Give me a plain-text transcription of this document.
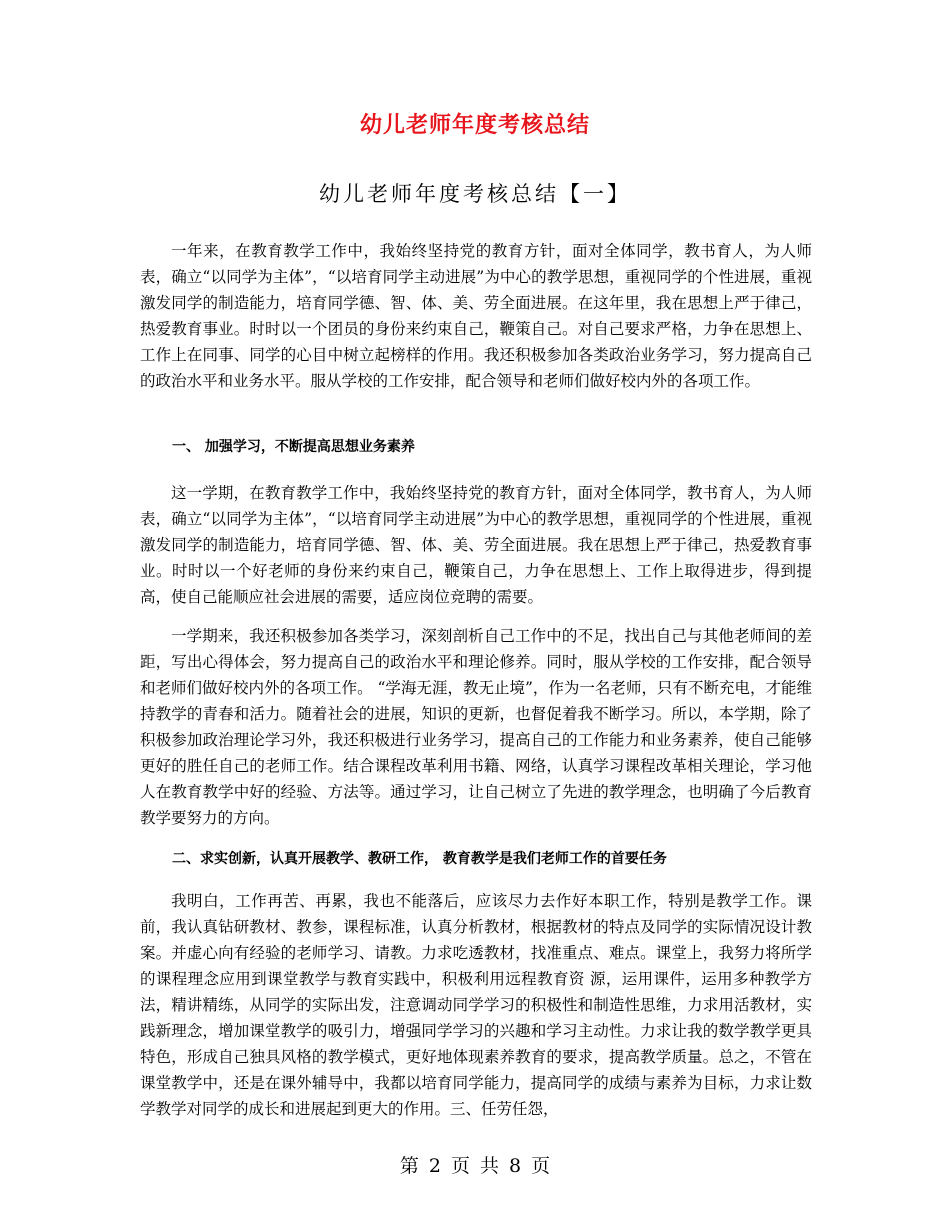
幼儿老师年度考核总结
幼儿老师年度考核总结【一】

一年来，在教育教学工作中，我始终坚持党的教育方针，面对全体同学，教书育人，为人师表，确立“以同学为主体”，“以培育同学主动进展”为中心的教学思想，重视同学的个性进展，重视激发同学的制造能力，培育同学德、智、体、美、劳全面进展。在这年里，我在思想上严于律己，热爱教育事业。时时以一个团员的身份来约束自己，鞭策自己。对自己要求严格，力争在思想上、工作上在同事、同学的心目中树立起榜样的作用。我还积极参加各类政治业务学习，努力提高自己的政治水平和业务水平。服从学校的工作安排，配合领导和老师们做好校内外的各项工作。

一、 加强学习，不断提高思想业务素养

这一学期，在教育教学工作中，我始终坚持党的教育方针，面对全体同学，教书育人，为人师表，确立“以同学为主体”，“以培育同学主动进展”为中心的教学思想，重视同学的个性进展，重视激发同学的制造能力，培育同学德、智、体、美、劳全面进展。我在思想上严于律己，热爱教育事业。时时以一个好老师的身份来约束自己，鞭策自己，力争在思想上、工作上取得进步，得到提高，使自己能顺应社会进展的需要，适应岗位竞聘的需要。

一学期来，我还积极参加各类学习，深刻剖析自己工作中的不足，找出自己与其他老师间的差距，写出心得体会，努力提高自己的政治水平和理论修养。同时，服从学校的工作安排，配合领导和老师们做好校内外的各项工作。 “学海无涯，教无止境”，作为一名老师，只有不断充电，才能维持教学的青春和活力。随着社会的进展，知识的更新，也督促着我不断学习。所以，本学期，除了积极参加政治理论学习外，我还积极进行业务学习，提高自己的工作能力和业务素养，使自己能够更好的胜任自己的老师工作。结合课程改革利用书籍、网络，认真学习课程改革相关理论，学习他人在教育教学中好的经验、方法等。通过学习，让自己树立了先进的教学理念，也明确了今后教育教学要努力的方向。

二、求实创新，认真开展教学、教研工作， 教育教学是我们老师工作的首要任务

我明白，工作再苦、再累，我也不能落后，应该尽力去作好本职工作，特别是教学工作。课前，我认真钻研教材、教参，课程标准，认真分析教材，根据教材的特点及同学的实际情况设计教案。并虚心向有经验的老师学习、请教。力求吃透教材，找准重点、难点。课堂上，我努力将所学的课程理念应用到课堂教学与教育实践中，积极利用远程教育资 源，运用课件，运用多种教学方法，精讲精练，从同学的实际出发，注意调动同学学习的积极性和制造性思维，力求用活教材，实践新理念，增加课堂教学的吸引力，增强同学学习的兴趣和学习主动性。力求让我的数学教学更具特色，形成自己独具风格的教学模式，更好地体现素养教育的要求，提高教学质量。总之，不管在课堂教学中，还是在课外辅导中，我都以培育同学能力，提高同学的成绩与素养为目标，力求让数学教学对同学的成长和进展起到更大的作用。三、任劳任怨，

第 2 页 共 8 页
